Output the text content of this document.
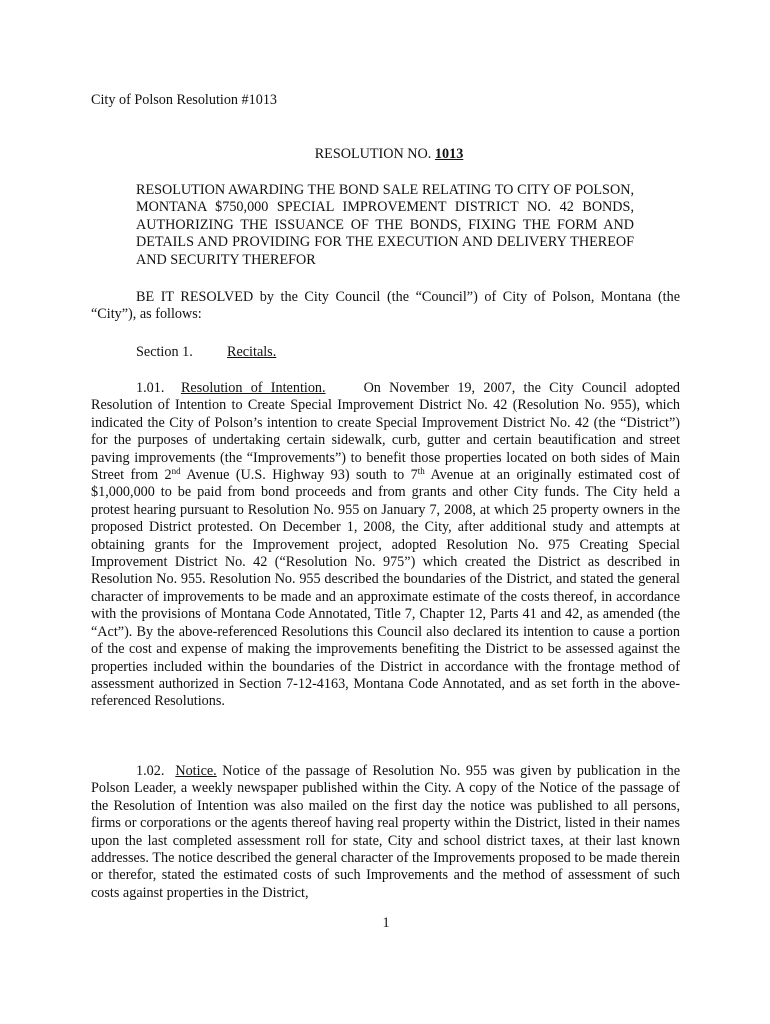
City of Polson Resolution #1013
RESOLUTION NO. 1013
RESOLUTION AWARDING THE BOND SALE RELATING TO CITY OF POLSON, MONTANA $750,000 SPECIAL IMPROVEMENT DISTRICT NO. 42 BONDS, AUTHORIZING THE ISSUANCE OF THE BONDS, FIXING THE FORM AND DETAILS AND PROVIDING FOR THE EXECUTION AND DELIVERY THEREOF AND SECURITY THEREFOR
BE IT RESOLVED by the City Council (the “Council”) of City of Polson, Montana (the “City”), as follows:
Section 1. Recitals.
1.01. Resolution of Intention.	On November 19, 2007, the City Council adopted Resolution of Intention to Create Special Improvement District No. 42 (Resolution No. 955), which indicated the City of Polson’s intention to create Special Improvement District No. 42 (the “District”) for the purposes of undertaking certain sidewalk, curb, gutter and certain beautification and street paving improvements (the “Improvements”) to benefit those properties located on both sides of Main Street from 2nd Avenue (U.S. Highway 93) south to 7th Avenue at an originally estimated cost of $1,000,000 to be paid from bond proceeds and from grants and other City funds. The City held a protest hearing pursuant to Resolution No. 955 on January 7, 2008, at which 25 property owners in the proposed District protested. On December 1, 2008, the City, after additional study and attempts at obtaining grants for the Improvement project, adopted Resolution No. 975 Creating Special Improvement District No. 42 (“Resolution No. 975”) which created the District as described in Resolution No. 955. Resolution No. 955 described the boundaries of the District, and stated the general character of improvements to be made and an approximate estimate of the costs thereof, in accordance with the provisions of Montana Code Annotated, Title 7, Chapter 12, Parts 41 and 42, as amended (the “Act”). By the above-referenced Resolutions this Council also declared its intention to cause a portion of the cost and expense of making the improvements benefiting the District to be assessed against the properties included within the boundaries of the District in accordance with the frontage method of assessment authorized in Section 7-12-4163, Montana Code Annotated, and as set forth in the above-referenced Resolutions.
1.02. Notice. Notice of the passage of Resolution No. 955 was given by publication in the Polson Leader, a weekly newspaper published within the City. A copy of the Notice of the passage of the Resolution of Intention was also mailed on the first day the notice was published to all persons, firms or corporations or the agents thereof having real property within the District, listed in their names upon the last completed assessment roll for state, City and school district taxes, at their last known addresses. The notice described the general character of the Improvements proposed to be made therein or therefor, stated the estimated costs of such Improvements and the method of assessment of such costs against properties in the District,
1
